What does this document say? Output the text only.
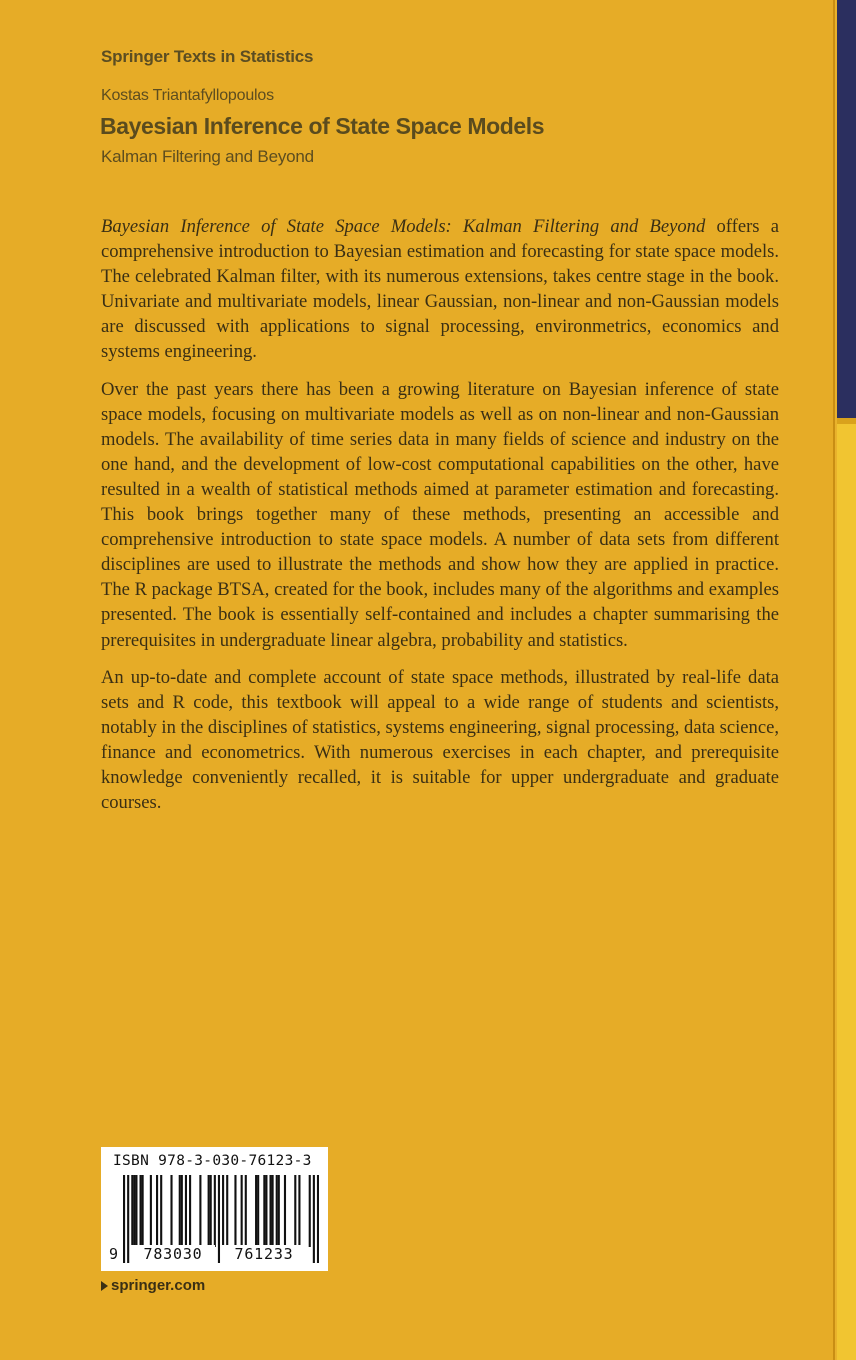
Springer Texts in Statistics
Kostas Triantafyllopoulos
Bayesian Inference of State Space Models
Kalman Filtering and Beyond

Bayesian Inference of State Space Models: Kalman Filtering and Beyond offers a comprehensive introduction to Bayesian estimation and forecasting for state space models. The celebrated Kalman filter, with its numerous extensions, takes centre stage in the book. Univariate and multivariate models, linear Gaussian, non-linear and non-Gaussian models are discussed with applications to signal processing, environmetrics, economics and systems engineering.

Over the past years there has been a growing literature on Bayesian inference of state space models, focusing on multivariate models as well as on non-linear and non-Gaussian models. The availability of time series data in many fields of science and industry on the one hand, and the development of low-cost computational capabilities on the other, have resulted in a wealth of statistical methods aimed at parameter estimation and forecasting. This book brings together many of these methods, presenting an accessible and comprehensive introduction to state space models. A number of data sets from different disciplines are used to illustrate the methods and show how they are applied in practice. The R package BTSA, created for the book, includes many of the algorithms and examples presented. The book is essentially self-contained and includes a chapter summarising the prerequisites in undergraduate linear algebra, probability and statistics.

An up-to-date and complete account of state space methods, illustrated by real-life data sets and R code, this textbook will appeal to a wide range of students and scientists, notably in the disciplines of statistics, systems engineering, signal processing, data science, finance and econometrics. With numerous exercises in each chapter, and prerequisite knowledge conveniently recalled, it is suitable for upper undergraduate and graduate courses.

ISBN 978-3-030-76123-3
9	783030	761233
springer.com
